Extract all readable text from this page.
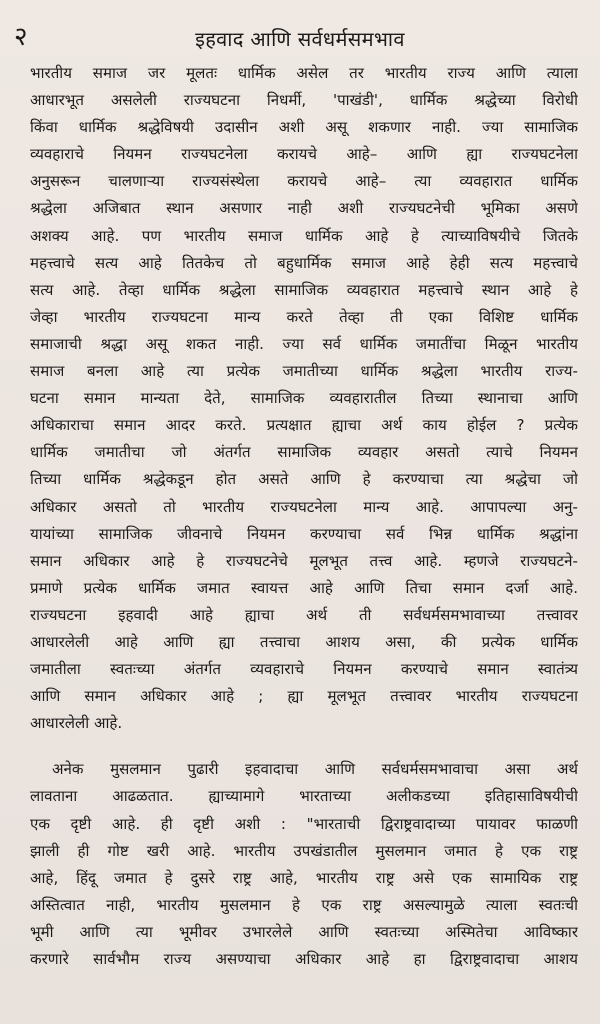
२	इहवाद आणि सर्वधर्मसमभाव
भारतीय समाज जर मूलतः धार्मिक असेल तर भारतीय राज्य आणि त्याला
आधारभूत असलेली राज्यघटना निधर्मी, 'पाखंडी', धार्मिक श्रद्धेच्या विरोधी
किंवा धार्मिक श्रद्धेविषयी उदासीन अशी असू शकणार नाही. ज्या सामाजिक
व्यवहाराचे नियमन राज्यघटनेला करायचे आहे– आणि ह्या राज्यघटनेला
अनुसरून चालणाऱ्या राज्यसंस्थेला करायचे आहे– त्या व्यवहारात धार्मिक
श्रद्धेला अजिबात स्थान असणार नाही अशी राज्यघटनेची भूमिका असणे
अशक्य आहे. पण भारतीय समाज धार्मिक आहे हे त्याच्याविषयीचे जितके
महत्त्वाचे सत्य आहे तितकेच तो बहुधार्मिक समाज आहे हेही सत्य महत्त्वाचे
सत्य आहे. तेव्हा धार्मिक श्रद्धेला सामाजिक व्यवहारात महत्त्वाचे स्थान आहे हे
जेव्हा भारतीय राज्यघटना मान्य करते तेव्हा ती एका विशिष्ट धार्मिक
समाजाची श्रद्धा असू शकत नाही. ज्या सर्व धार्मिक जमातींचा मिळून भारतीय
समाज बनला आहे त्या प्रत्येक जमातीच्या धार्मिक श्रद्धेला भारतीय राज्य-
घटना समान मान्यता देते, सामाजिक व्यवहारातील तिच्या स्थानाचा आणि
अधिकाराचा समान आदर करते. प्रत्यक्षात ह्याचा अर्थ काय होईल ? प्रत्येक
धार्मिक जमातीचा जो अंतर्गत सामाजिक व्यवहार असतो त्याचे नियमन
तिच्या धार्मिक श्रद्धेकडून होत असते आणि हे करण्याचा त्या श्रद्धेचा जो
अधिकार असतो तो भारतीय राज्यघटनेला मान्य आहे. आपापल्या अनु-
यायांच्या सामाजिक जीवनाचे नियमन करण्याचा सर्व भिन्न धार्मिक श्रद्धांना
समान अधिकार आहे हे राज्यघटनेचे मूलभूत तत्त्व आहे. म्हणजे राज्यघटने-
प्रमाणे प्रत्येक धार्मिक जमात स्वायत्त आहे आणि तिचा समान दर्जा आहे.
राज्यघटना इहवादी आहे ह्याचा अर्थ ती सर्वधर्मसमभावाच्या तत्त्वावर
आधारलेली आहे आणि ह्या तत्त्वाचा आशय असा, की प्रत्येक धार्मिक
जमातीला स्वतःच्या अंतर्गत व्यवहाराचे नियमन करण्याचे समान स्वातंत्र्य
आणि समान अधिकार आहे ; ह्या मूलभूत तत्त्वावर भारतीय राज्यघटना
आधारलेली आहे.
अनेक मुसलमान पुढारी इहवादाचा आणि सर्वधर्मसमभावाचा असा अर्थ
लावताना आढळतात. ह्याच्यामागे भारताच्या अलीकडच्या इतिहासाविषयीची
एक दृष्टी आहे. ही दृष्टी अशी : "भारताची द्विराष्ट्रवादाच्या पायावर फाळणी
झाली ही गोष्ट खरी आहे. भारतीय उपखंडातील मुसलमान जमात हे एक राष्ट्र
आहे, हिंदू जमात हे दुसरे राष्ट्र आहे, भारतीय राष्ट्र असे एक सामायिक राष्ट्र
अस्तित्वात नाही, भारतीय मुसलमान हे एक राष्ट्र असल्यामुळे त्याला स्वतःची
भूमी आणि त्या भूमीवर उभारलेले आणि स्वतःच्या अस्मितेचा आविष्कार
करणारे सार्वभौम राज्य असण्याचा अधिकार आहे हा द्विराष्ट्रवादाचा आशय
